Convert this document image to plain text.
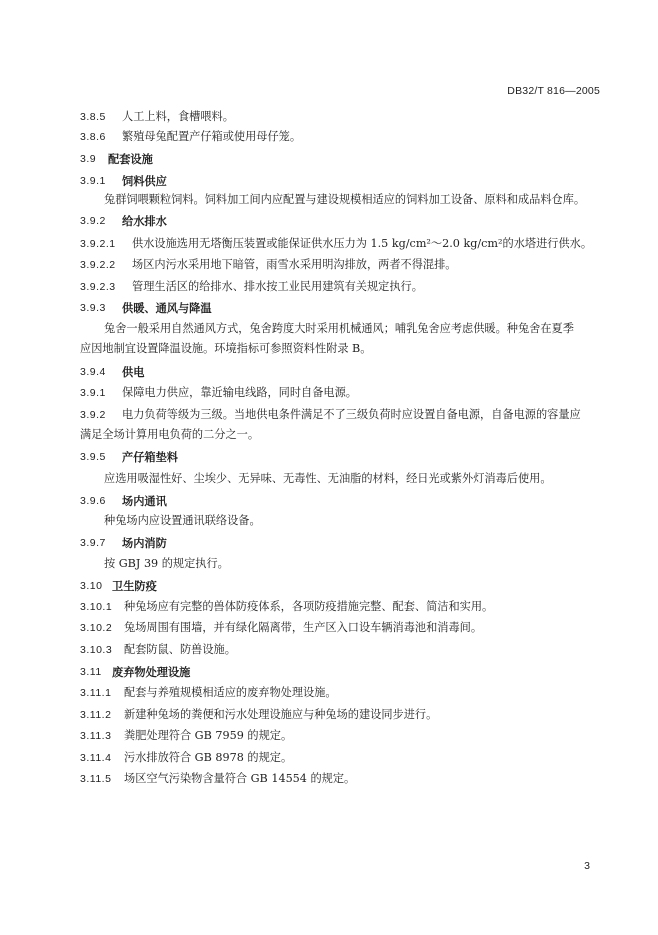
DB32/T 816—2005
3.8.5 人工上料，食槽喂料。
3.8.6 繁殖母兔配置产仔箱或使用母仔笼。
3.9 配套设施
3.9.1 饲料供应
兔群饲喂颗粒饲料。饲料加工间内应配置与建设规模相适应的饲料加工设备、原料和成品料仓库。
3.9.2 给水排水
3.9.2.1 供水设施选用无塔衡压装置或能保证供水压力为 1.5 kg/cm²～2.0 kg/cm²的水塔进行供水。
3.9.2.2 场区内污水采用地下暗管，雨雪水采用明沟排放，两者不得混排。
3.9.2.3 管理生活区的给排水、排水按工业民用建筑有关规定执行。
3.9.3 供暖、通风与降温
兔舍一般采用自然通风方式，兔舍跨度大时采用机械通风；哺乳兔舍应考虑供暖。种兔舍在夏季
应因地制宜设置降温设施。环境指标可参照资料性附录 B。
3.9.4 供电
3.9.1 保障电力供应，靠近输电线路，同时自备电源。
3.9.2 电力负荷等级为三级。当地供电条件满足不了三级负荷时应设置自备电源，自备电源的容量应
满足全场计算用电负荷的二分之一。
3.9.5 产仔箱垫料
应选用吸湿性好、尘埃少、无异味、无毒性、无油脂的材料，经日光或紫外灯消毒后使用。
3.9.6 场内通讯
种兔场内应设置通讯联络设备。
3.9.7 场内消防
按 GBJ 39 的规定执行。
3.10 卫生防疫
3.10.1 种兔场应有完整的兽体防疫体系，各项防疫措施完整、配套、简洁和实用。
3.10.2 兔场周围有围墙，并有绿化隔离带，生产区入口设车辆消毒池和消毒间。
3.10.3 配套防鼠、防兽设施。
3.11 废弃物处理设施
3.11.1 配套与养殖规模相适应的废弃物处理设施。
3.11.2 新建种兔场的粪便和污水处理设施应与种兔场的建设同步进行。
3.11.3 粪肥处理符合 GB 7959 的规定。
3.11.4 污水排放符合 GB 8978 的规定。
3.11.5 场区空气污染物含量符合 GB 14554 的规定。
3
